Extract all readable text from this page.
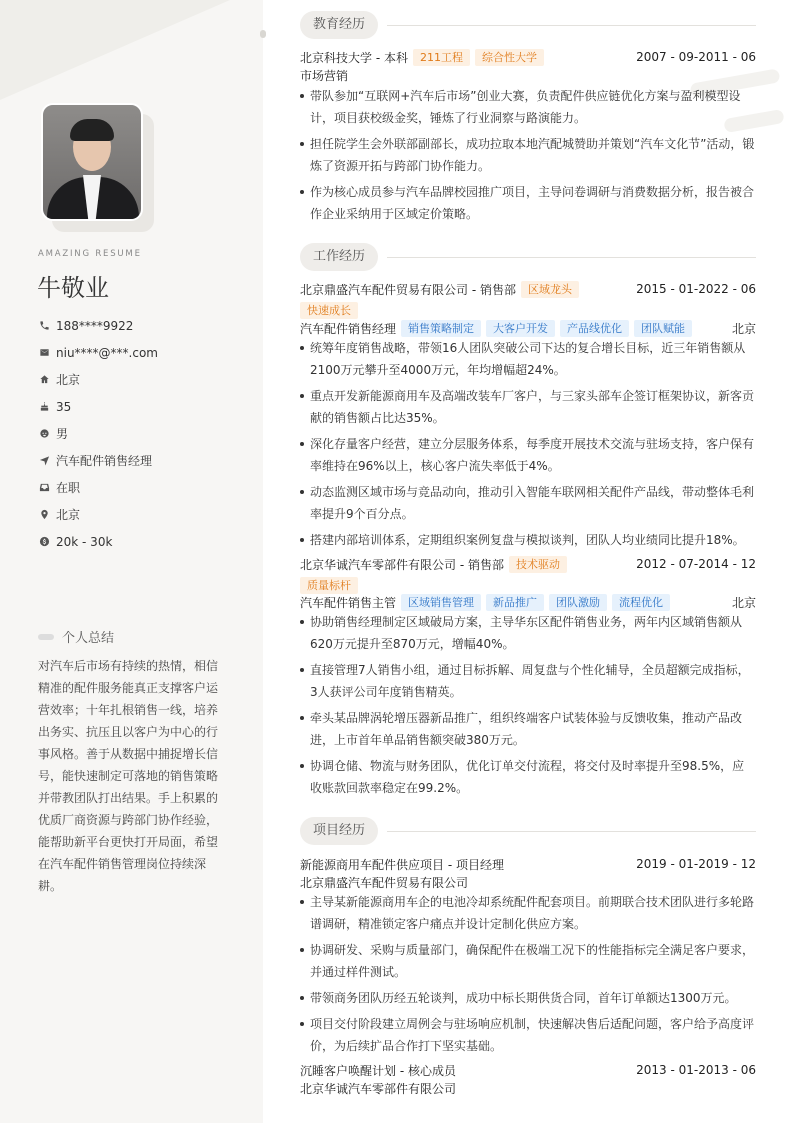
AMAZING RESUME
牛敬业
188****9922
niu****@***.com
北京
35
男
汽车配件销售经理
在职
北京
20k - 30k
个人总结

对汽车后市场有持续的热情，相信精准的配件服务能真正支撑客户运营效率；十年扎根销售一线，培养出务实、抗压且以客户为中心的行事风格。善于从数据中捕捉增长信号，能快速制定可落地的销售策略并带教团队打出结果。手上积累的优质厂商资源与跨部门协作经验，能帮助新平台更快打开局面，希望在汽车配件销售管理岗位持续深耕。

教育经历
北京科技大学 - 本科	211工程	综合性大学	2007 - 09-2011 - 06
市场营销
带队参加“互联网+汽车后市场”创业大赛，负责配件供应链优化方案与盈利模型设计，项目获校级金奖，锤炼了行业洞察与路演能力。
担任院学生会外联部副部长，成功拉取本地汽配城赞助并策划“汽车文化节”活动，锻炼了资源开拓与跨部门协作能力。
作为核心成员参与汽车品牌校园推广项目，主导问卷调研与消费数据分析，报告被合作企业采纳用于区域定价策略。
工作经历
北京鼎盛汽车配件贸易有限公司 - 销售部	区域龙头	2015 - 01-2022 - 06
快速成长
汽车配件销售经理	销售策略制定	大客户开发	产品线优化	团队赋能	北京
统筹年度销售战略，带领16人团队突破公司下达的复合增长目标，近三年销售额从2100万元攀升至4000万元，年均增幅超24%。
重点开发新能源商用车及高端改装车厂客户，与三家头部车企签订框架协议，新客贡献的销售额占比达35%。
深化存量客户经营，建立分层服务体系，每季度开展技术交流与驻场支持，客户保有率维持在96%以上，核心客户流失率低于4%。
动态监测区域市场与竞品动向，推动引入智能车联网相关配件产品线，带动整体毛利率提升9个百分点。
搭建内部培训体系，定期组织案例复盘与模拟谈判，团队人均业绩同比提升18%。
北京华诚汽车零部件有限公司 - 销售部	技术驱动	2012 - 07-2014 - 12
质量标杆
汽车配件销售主管	区域销售管理	新品推广	团队激励	流程优化	北京
协助销售经理制定区域破局方案，主导华东区配件销售业务，两年内区域销售额从620万元提升至870万元，增幅40%。
直接管理7人销售小组，通过目标拆解、周复盘与个性化辅导，全员超额完成指标，3人获评公司年度销售精英。
牵头某品牌涡轮增压器新品推广，组织终端客户试装体验与反馈收集，推动产品改进，上市首年单品销售额突破380万元。
协调仓储、物流与财务团队，优化订单交付流程，将交付及时率提升至98.5%，应收账款回款率稳定在99.2%。
项目经历
新能源商用车配件供应项目 - 项目经理	2019 - 01-2019 - 12
北京鼎盛汽车配件贸易有限公司
主导某新能源商用车企的电池冷却系统配件配套项目。前期联合技术团队进行多轮路谱调研，精准锁定客户痛点并设计定制化供应方案。
协调研发、采购与质量部门，确保配件在极端工况下的性能指标完全满足客户要求，并通过样件测试。
带领商务团队历经五轮谈判，成功中标长期供货合同，首年订单额达1300万元。
项目交付阶段建立周例会与驻场响应机制，快速解决售后适配问题，客户给予高度评价，为后续扩品合作打下坚实基础。
沉睡客户唤醒计划 - 核心成员	2013 - 01-2013 - 06
北京华诚汽车零部件有限公司
